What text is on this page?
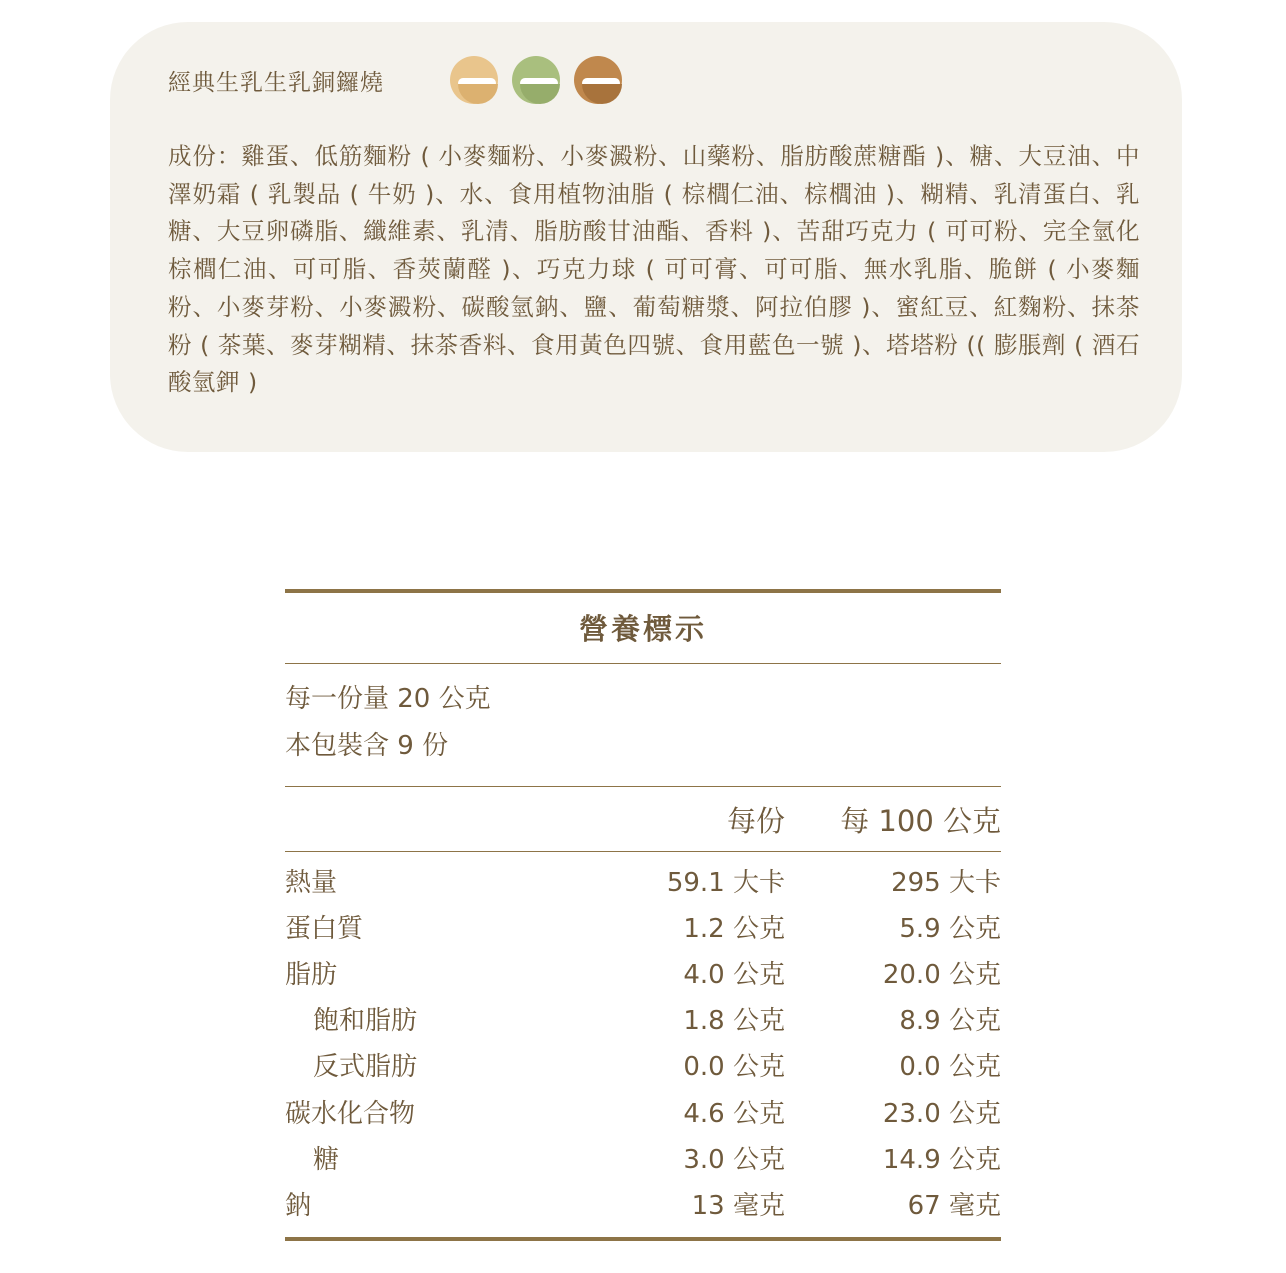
經典生乳生乳銅鑼燒

成份：雞蛋、低筋麵粉 ( 小麥麵粉、小麥澱粉、山藥粉、脂肪酸蔗糖酯 )、糖、大豆油、中澤奶霜 ( 乳製品 ( 牛奶 )、水、食用植物油脂 ( 棕櫚仁油、棕櫚油 )、糊精、乳清蛋白、乳糖、大豆卵磷脂、纖維素、乳清、脂肪酸甘油酯、香料 )、苦甜巧克力 ( 可可粉、完全氫化棕櫚仁油、可可脂、香莢蘭醛 )、巧克力球 ( 可可膏、可可脂、無水乳脂、脆餅 ( 小麥麵粉、小麥芽粉、小麥澱粉、碳酸氫鈉、鹽、葡萄糖漿、阿拉伯膠 )、蜜紅豆、紅麴粉、抹茶粉 ( 茶葉、麥芽糊精、抹茶香料、食用黃色四號、食用藍色一號 )、塔塔粉 (( 膨脹劑 ( 酒石酸氫鉀 )

營養標示
每一份量 20 公克
本包裝含 9 份
每份	每 100 公克
熱量	59.1 大卡	295 大卡
蛋白質	1.2 公克	5.9 公克
脂肪	4.0 公克	20.0 公克
飽和脂肪	1.8 公克	8.9 公克
反式脂肪	0.0 公克	0.0 公克
碳水化合物	4.6 公克	23.0 公克
糖	3.0 公克	14.9 公克
鈉	13 毫克	67 毫克
